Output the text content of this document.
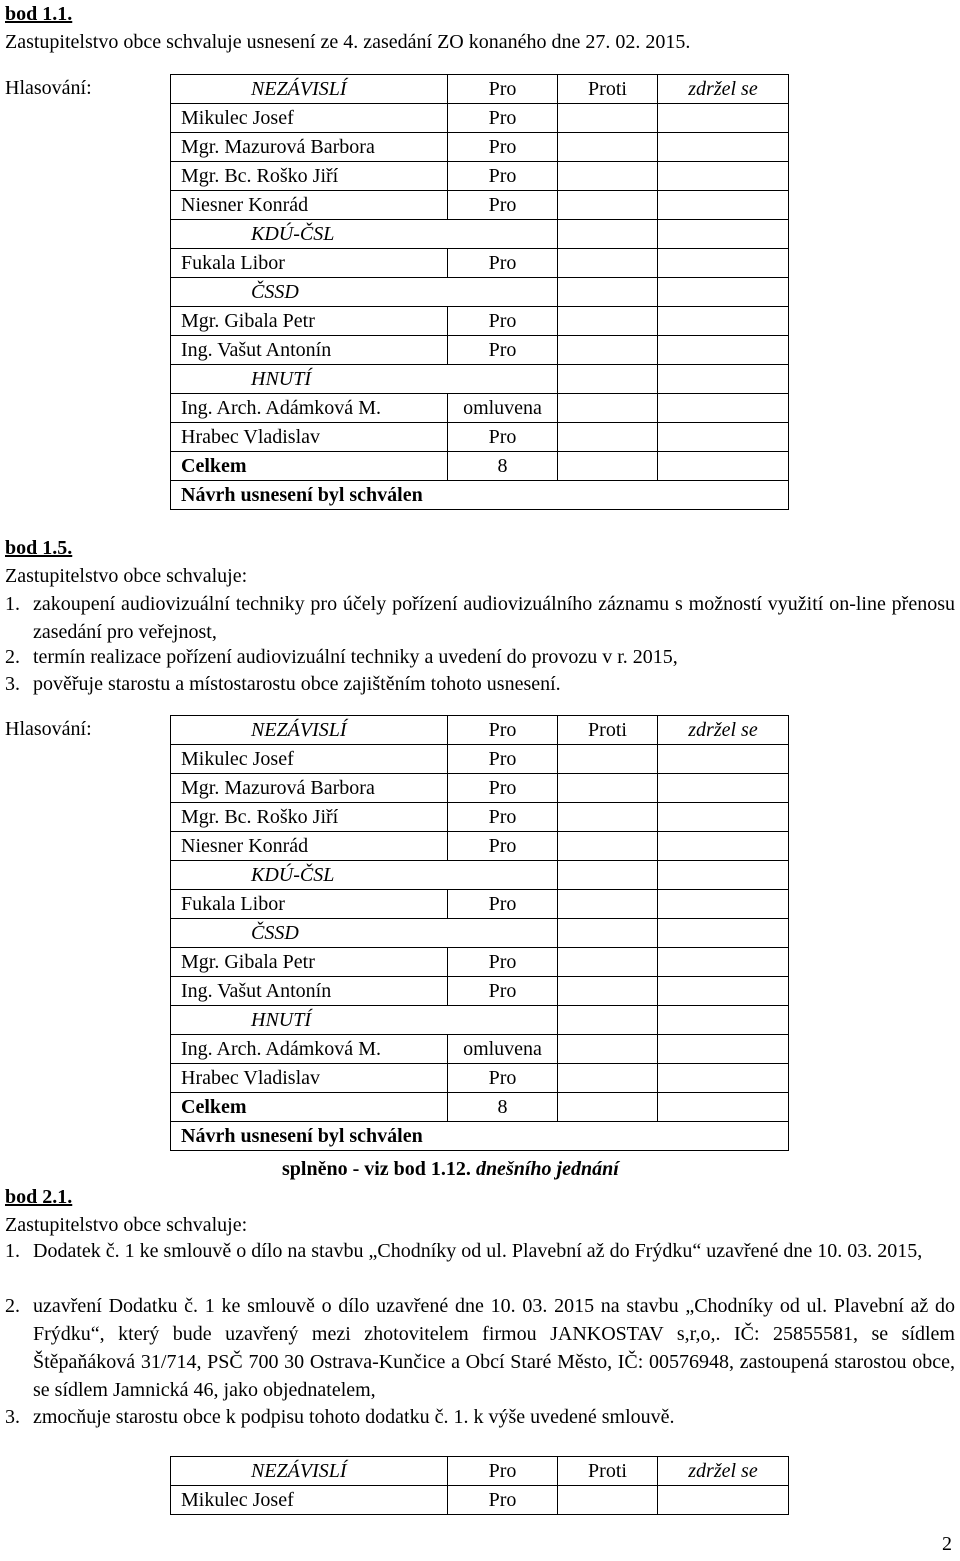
bod 1.1.
Zastupitelstvo obce schvaluje usnesení ze 4. zasedání ZO konaného dne 27. 02. 2015.
Hlasování:	NEZÁVISLÍ	Pro	Proti	zdržel se
Mikulec Josef	Pro		
Mgr. Mazurová Barbora	Pro		
Mgr. Bc. Roško Jiří	Pro		
Niesner Konrád	Pro		
KDÚ-ČSL			
Fukala Libor	Pro		
ČSSD			
Mgr. Gibala Petr	Pro		
Ing. Vašut Antonín	Pro		
HNUTÍ			
Ing. Arch. Adámková M.	omluvena		
Hrabec Vladislav	Pro		
Celkem	8		
Návrh usnesení byl schválen			
bod 1.5.
Zastupitelstvo obce schvaluje:
1. zakoupení audiovizuální techniky pro účely pořízení audiovizuálního záznamu s možností využití on-line přenosu zasedání pro veřejnost,
2. termín realizace pořízení audiovizuální techniky a uvedení do provozu v r. 2015,
3. pověřuje starostu a místostarostu obce zajištěním tohoto usnesení.
Hlasování:	NEZÁVISLÍ	Pro	Proti	zdržel se
Mikulec Josef	Pro		
Mgr. Mazurová Barbora	Pro		
Mgr. Bc. Roško Jiří	Pro		
Niesner Konrád	Pro		
KDÚ-ČSL			
Fukala Libor	Pro		
ČSSD			
Mgr. Gibala Petr	Pro		
Ing. Vašut Antonín	Pro		
HNUTÍ			
Ing. Arch. Adámková M.	omluvena		
Hrabec Vladislav	Pro		
Celkem	8		
Návrh usnesení byl schválen			
splněno - viz bod 1.12. dnešního jednání
bod 2.1.
Zastupitelstvo obce schvaluje:
1. Dodatek č. 1 ke smlouvě o dílo na stavbu „Chodníky od ul. Plavební až do Frýdku“ uzavřené dne 10. 03. 2015,
2. uzavření Dodatku č. 1 ke smlouvě o dílo uzavřené dne 10. 03. 2015 na stavbu „Chodníky od ul. Plavební až do Frýdku“, který bude uzavřený mezi zhotovitelem firmou JANKOSTAV s,r,o,. IČ: 25855581, se sídlem Štěpaňáková 31/714, PSČ 700 30 Ostrava-Kunčice a Obcí Staré Město, IČ: 00576948, zastoupená starostou obce, se sídlem Jamnická 46, jako objednatelem,
3. zmocňuje starostu obce k podpisu tohoto dodatku č. 1. k výše uvedené smlouvě.
NEZÁVISLÍ	Pro	Proti	zdržel se
Mikulec Josef	Pro		
2
